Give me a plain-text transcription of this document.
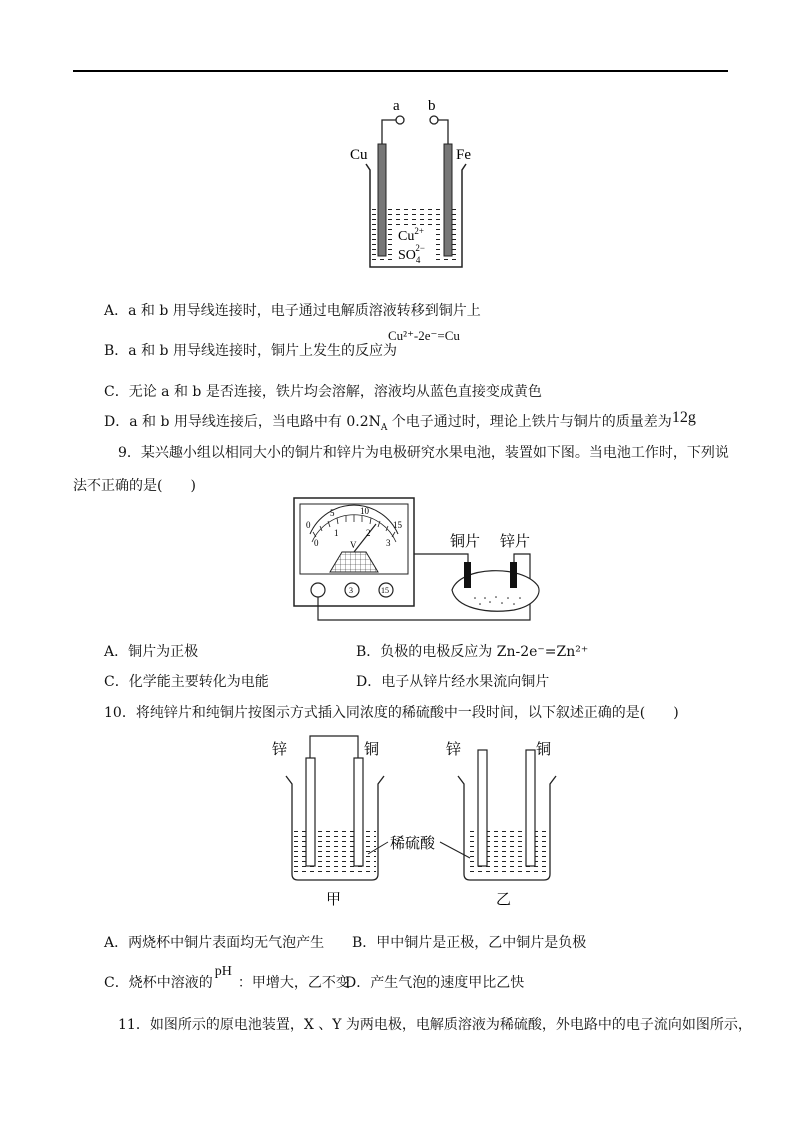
a b
Cu	Fe
$Cu^{2+}$
$SO_42-$
A．a 和 b 用导线连接时，电子通过电解质溶液转移到铜片上
B．a 和 b 用导线连接时，铜片上发生的反应为
Cu²⁺-2e⁻=Cu
C．无论 a 和 b 是否连接，铁片均会溶解，溶液均从蓝色直接变成黄色
D．a 和 b 用导线连接后，当电路中有 $0.2N_A$ 个电子通过时，理论上铁片与铜片的质量差为12g
9．某兴趣小组以相同大小的铜片和锌片为电极研究水果电池，装置如下图。当电池工作时，下列说
法不正确的是(　　)
0
5	10
15
0
1	2
3
V
3	15
铜片 锌片
A．铜片为正极	B．负极的电极反应为 Zn-2e⁻=Zn²⁺
C．化学能主要转化为电能	D．电子从锌片经水果流向铜片
10．将纯锌片和纯铜片按图示方式插入同浓度的稀硫酸中一段时间，以下叙述正确的是(　　)
锌	铜
甲
锌	铜
乙
稀硫酸
A．两烧杯中铜片表面均无气泡产生 B．甲中铜片是正极，乙中铜片是负极
C．烧杯中溶液的pH：甲增大，乙不变
D．产生气泡的速度甲比乙快
11．如图所示的原电池装置，X 、Y 为两电极，电解质溶液为稀硫酸，外电路中的电子流向如图所示，
